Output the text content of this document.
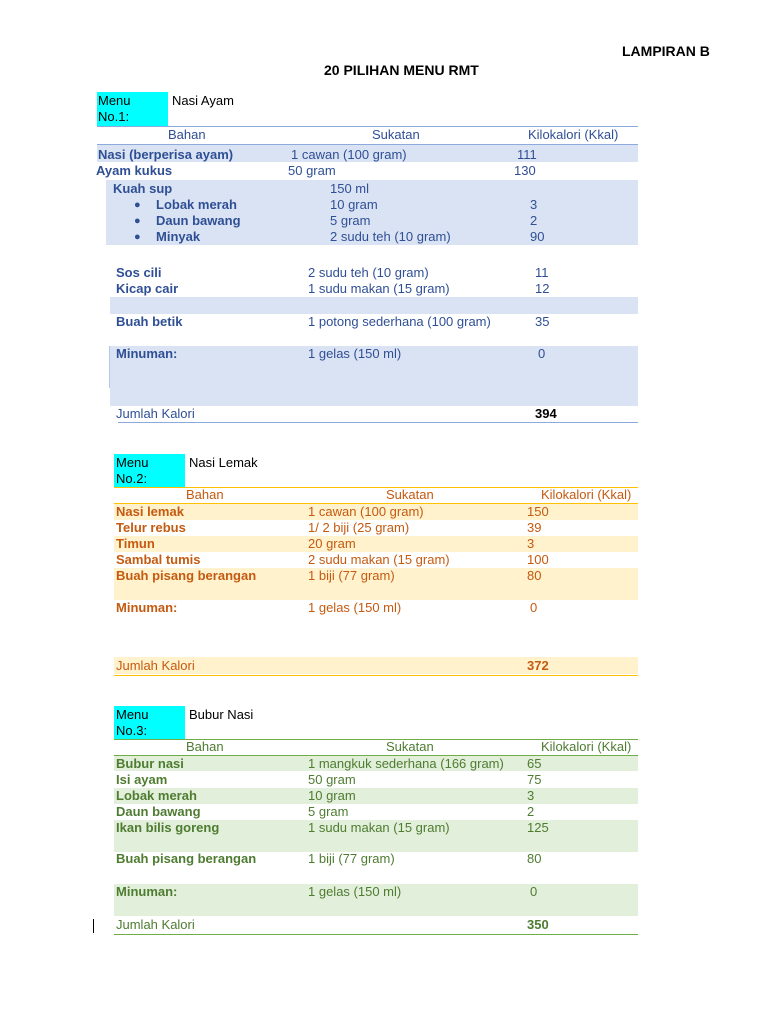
LAMPIRAN B
20 PILIHAN MENU RMT
Menu No.1:
Nasi Ayam
Bahan	Sukatan	Kilokalori (Kkal)
Nasi (berperisa ayam)	1 cawan (100 gram)	111
Ayam kukus	50 gram	130
Kuah sup	150 ml
● Lobak merah	10 gram	3
● Daun bawang	5 gram	2
● Minyak	2 sudu teh (10 gram)	90
Sos cili	2 sudu teh (10 gram)	11
Kicap cair	1 sudu makan (15 gram)	12
Buah betik	1 potong sederhana (100 gram)	35
Minuman:	1 gelas (150 ml)	0
Jumlah Kalori	394
Menu No.2:
Nasi Lemak
Bahan	Sukatan	Kilokalori (Kkal)
Nasi lemak	1 cawan (100 gram)	150
Telur rebus	1/ 2 biji (25 gram)	39
Timun	20 gram	3
Sambal tumis	2 sudu makan (15 gram)	100
Buah pisang berangan	1 biji (77 gram)	80
Minuman:	1 gelas (150 ml)	0
Jumlah Kalori	372
Menu No.3:
Bubur Nasi
Bahan	Sukatan	Kilokalori (Kkal)
Bubur nasi	1 mangkuk sederhana (166 gram) 65
Isi ayam	50 gram	75
Lobak merah	10 gram	3
Daun bawang	5 gram	2
Ikan bilis goreng	1 sudu makan (15 gram)	125
Buah pisang berangan	1 biji (77 gram)	80
Minuman:	1 gelas (150 ml)	0
Jumlah Kalori	350
